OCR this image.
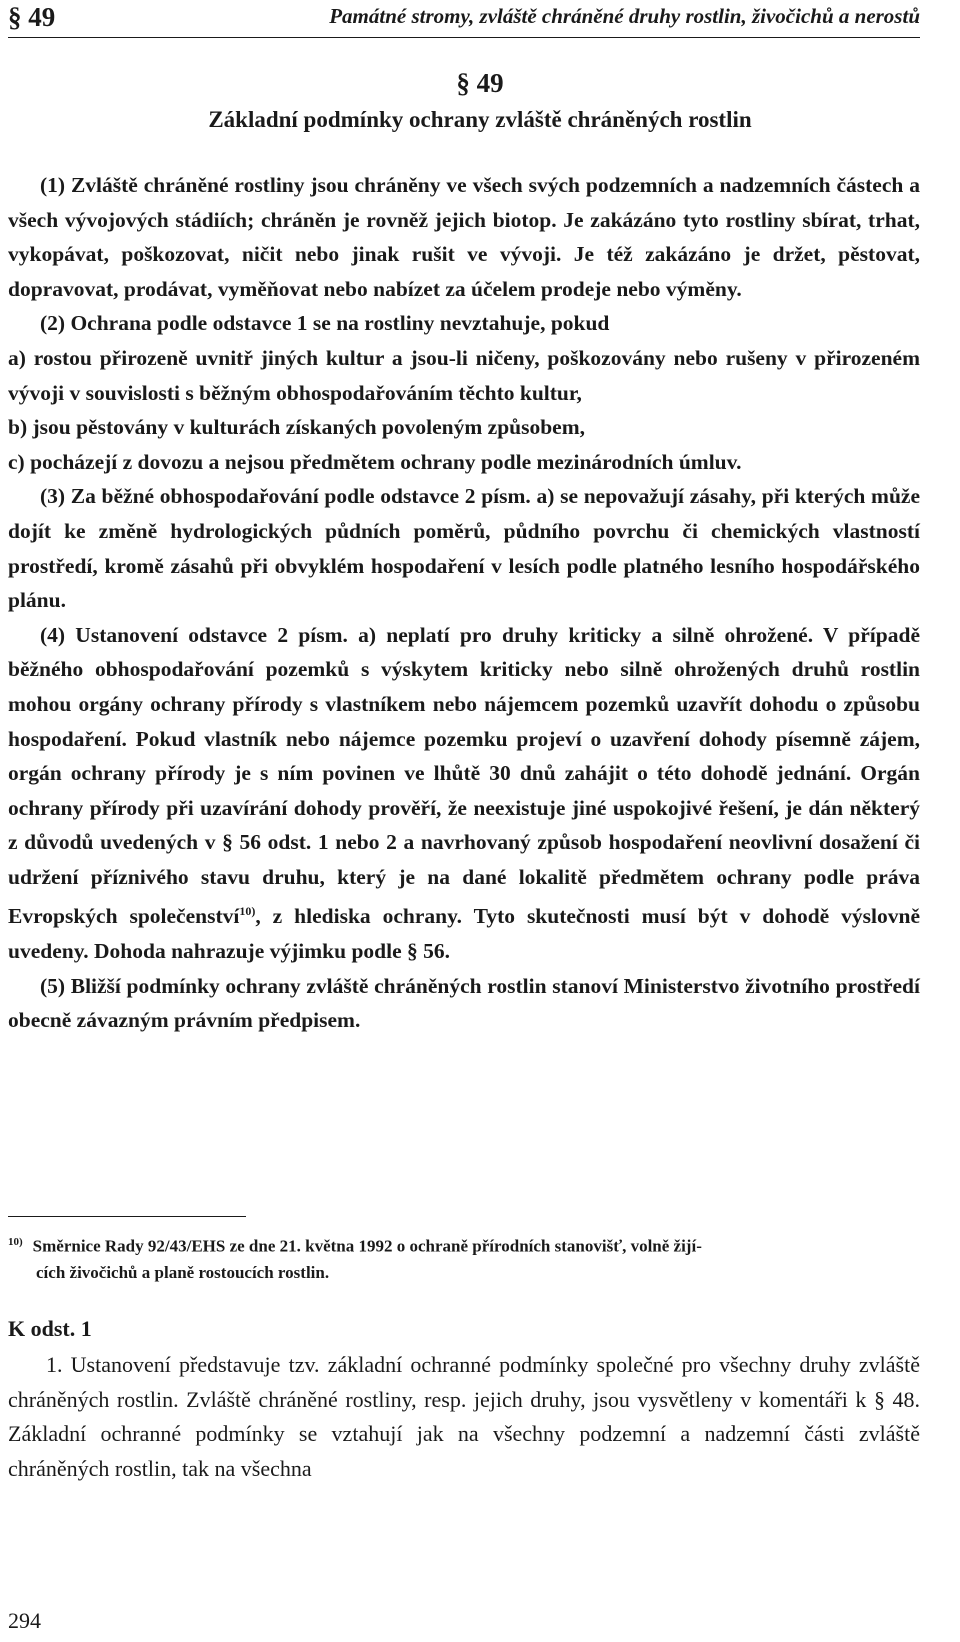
§ 49	Památné stromy, zvláště chráněné druhy rostlin, živočichů a nerostů
§ 49
Základní podmínky ochrany zvláště chráněných rostlin

(1) Zvláště chráněné rostliny jsou chráněny ve všech svých podzemních a nadzemních částech a všech vývojových stádiích; chráněn je rovněž jejich biotop. Je zakázáno tyto rostliny sbírat, trhat, vykopávat, poškozovat, ničit nebo jinak rušit ve vývoji. Je též zakázáno je držet, pěstovat, dopravovat, prodávat, vyměňovat nebo nabízet za účelem prodeje nebo výměny.

(2) Ochrana podle odstavce 1 se na rostliny nevztahuje, pokud

a) rostou přirozeně uvnitř jiných kultur a jsou-li ničeny, poškozovány nebo rušeny v přirozeném vývoji v souvislosti s běžným obhospodařováním těchto kultur,

b) jsou pěstovány v kulturách získaných povoleným způsobem,

c) pocházejí z dovozu a nejsou předmětem ochrany podle mezinárodních úmluv.

(3) Za běžné obhospodařování podle odstavce 2 písm. a) se nepovažují zásahy, při kterých může dojít ke změně hydrologických půdních poměrů, půdního povrchu či chemických vlastností prostředí, kromě zásahů při obvyklém hospodaření v lesích podle platného lesního hospodářského plánu.

(4) Ustanovení odstavce 2 písm. a) neplatí pro druhy kriticky a silně ohrožené. V případě běžného obhospodařování pozemků s výskytem kriticky nebo silně ohrožených druhů rostlin mohou orgány ochrany přírody s vlastníkem nebo nájemcem pozemků uzavřít dohodu o způsobu hospodaření. Pokud vlastník nebo nájemce pozemku projeví o uzavření dohody písemně zájem, orgán ochrany přírody je s ním povinen ve lhůtě 30 dnů zahájit o této dohodě jednání. Orgán ochrany přírody při uzavírání dohody prověří, že neexistuje jiné uspokojivé řešení, je dán některý z důvodů uvedených v § 56 odst. 1 nebo 2 a navrhovaný způsob hospodaření neovlivní dosažení či udržení příznivého stavu druhu, který je na dané lokalitě předmětem ochrany podle práva Evropských společenství$^{10)}$, z hlediska ochrany. Tyto skutečnosti musí být v dohodě výslovně uvedeny. Dohoda nahrazuje výjimku podle § 56.

(5) Bližší podmínky ochrany zvláště chráněných rostlin stanoví Ministerstvo životního prostředí obecně závazným právním předpisem.

$^{10)}$ Směrnice Rady 92/43/EHS ze dne 21. května 1992 o ochraně přírodních stanovišť, volně žijí-
cích živočichů a planě rostoucích rostlin.
K odst. 1

1. Ustanovení představuje tzv. základní ochranné podmínky společné pro všechny druhy zvláště chráněných rostlin. Zvláště chráněné rostliny, resp. jejich druhy, jsou vysvětleny v komentáři k § 48. Základní ochranné podmínky se vztahují jak na všechny podzemní a nadzemní části zvláště chráněných rostlin, tak na všechna

294
